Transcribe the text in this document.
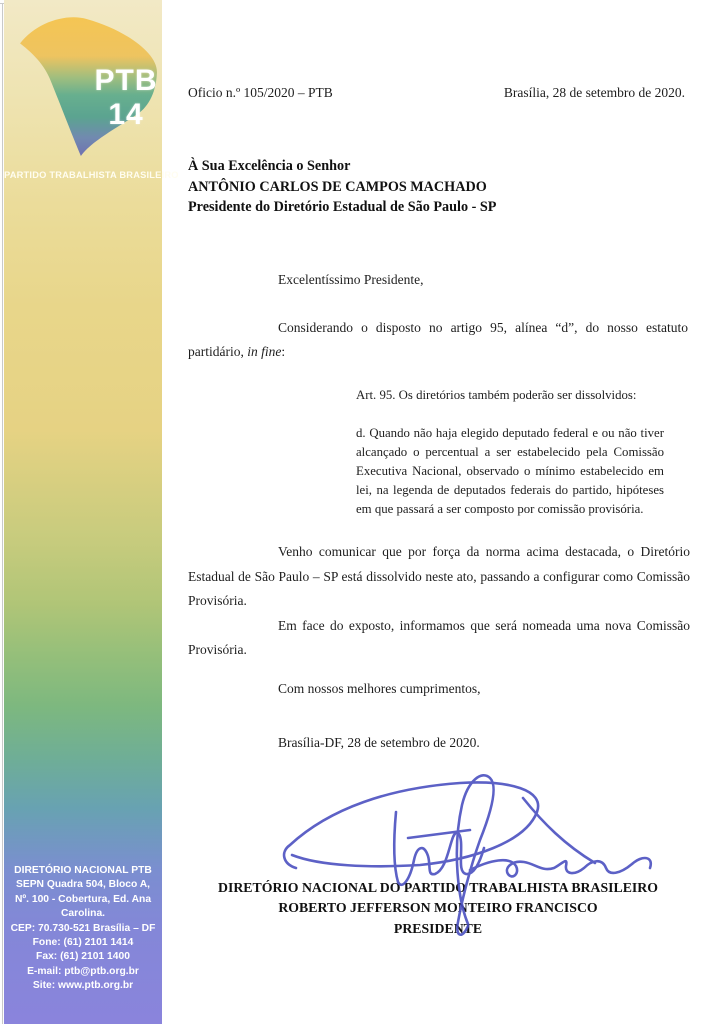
PTB 14
PARTIDO TRABALHISTA BRASILEIRO
DIRETÓRIO NACIONAL PTB
SEPN Quadra 504, Bloco A,
Nº. 100 - Cobertura, Ed. Ana
Carolina.
CEP: 70.730-521 Brasília – DF
Fone: (61) 2101 1414
Fax: (61) 2101 1400
E-mail: ptb@ptb.org.br
Site: www.ptb.org.br
Oficio n.º 105/2020 – PTB	Brasília, 28 de setembro de 2020.
À Sua Excelência o Senhor
ANTÔNIO CARLOS DE CAMPOS MACHADO
Presidente do Diretório Estadual de São Paulo - SP
Excelentíssimo Presidente,
Considerando o disposto no artigo 95, alínea “d”, do nosso estatuto partidário, in fine:

Art. 95. Os diretórios também poderão ser dissolvidos:

d. Quando não haja elegido deputado federal e ou não tiver alcançado o percentual a ser estabelecido pela Comissão Executiva Nacional, observado o mínimo estabelecido em lei, na legenda de deputados federais do partido, hipóteses em que passará a ser composto por comissão provisória.

Venho comunicar que por força da norma acima destacada, o Diretório Estadual de São Paulo – SP está dissolvido neste ato, passando a configurar como Comissão Provisória.

Em face do exposto, informamos que será nomeada uma nova Comissão Provisória.

Com nossos melhores cumprimentos,
Brasília-DF, 28 de setembro de 2020.
DIRETÓRIO NACIONAL DO PARTIDO TRABALHISTA BRASILEIRO
ROBERTO JEFFERSON MONTEIRO FRANCISCO
PRESIDENTE
